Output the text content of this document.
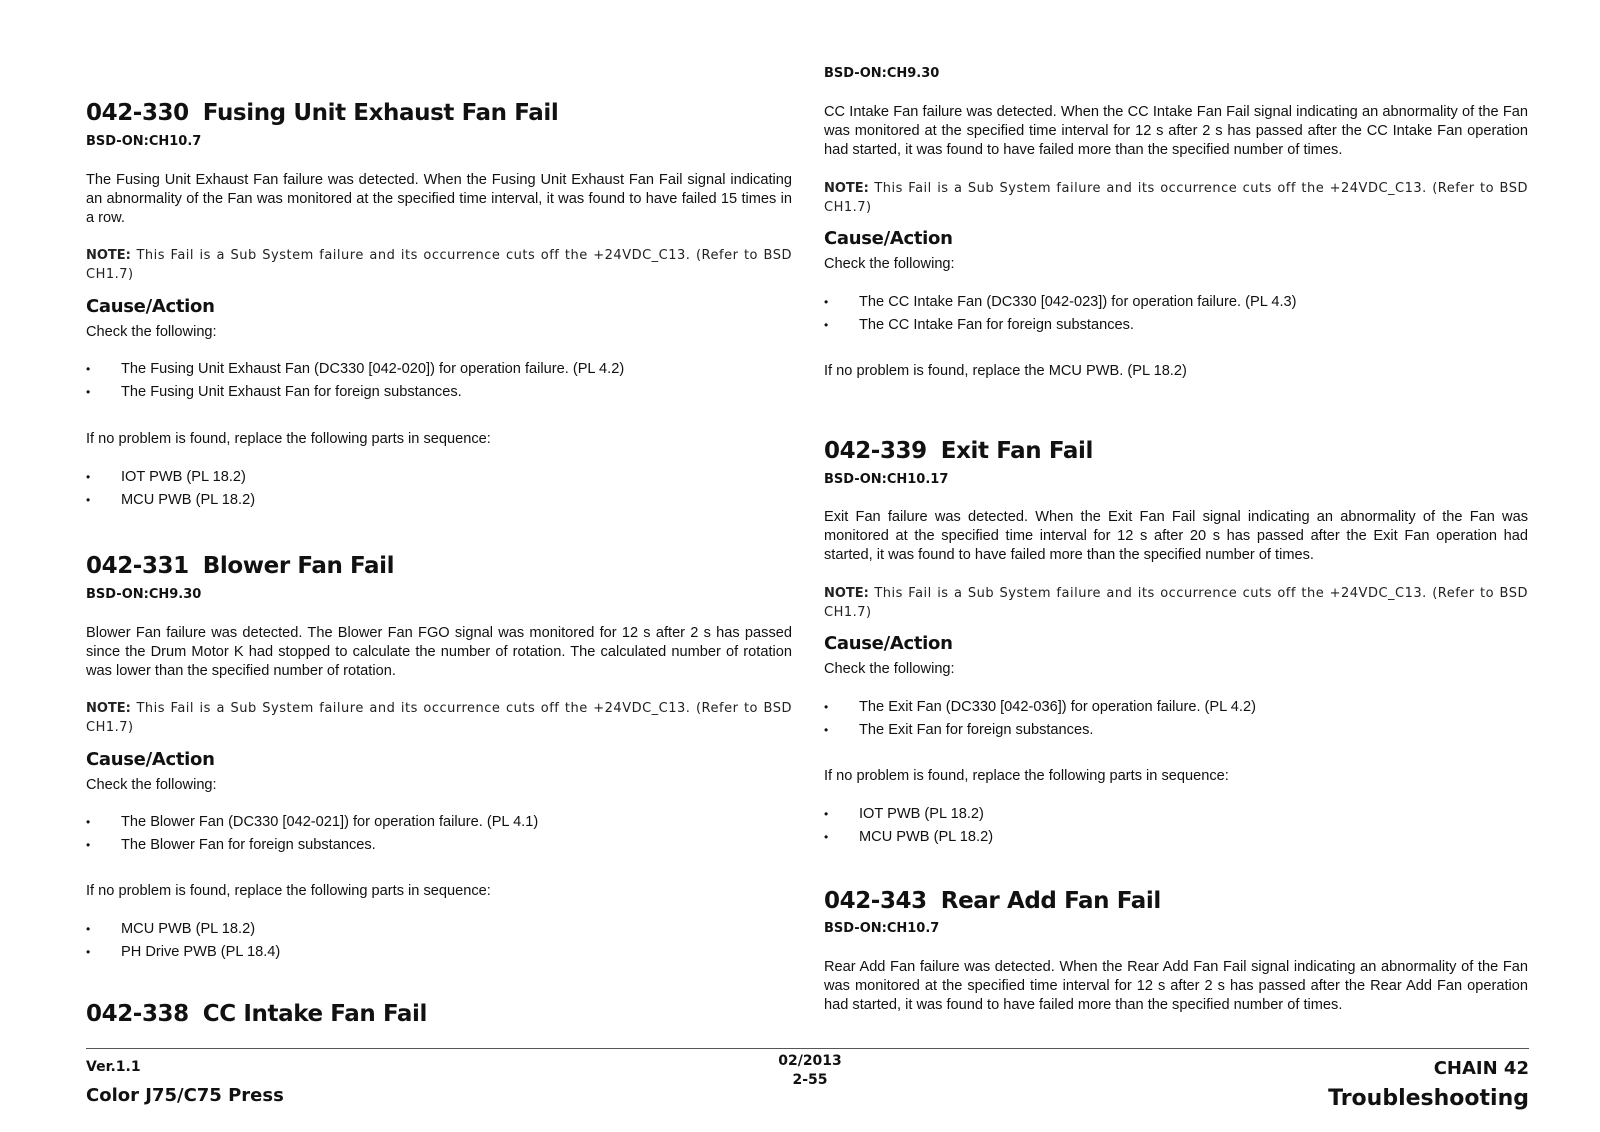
042-330 Fusing Unit Exhaust Fan Fail
BSD-ON:CH10.7

The Fusing Unit Exhaust Fan failure was detected. When the Fusing Unit Exhaust Fan Fail signal indicating an abnormality of the Fan was monitored at the specified time interval, it was found to have failed 15 times in a row.

NOTE: This Fail is a Sub System failure and its occurrence cuts off the +24VDC_C13. (Refer to BSD CH1.7)

Cause/Action

Check the following:

• The Fusing Unit Exhaust Fan (DC330 [042-020]) for operation failure. (PL 4.2)
• The Fusing Unit Exhaust Fan for foreign substances.

If no problem is found, replace the following parts in sequence:

• IOT PWB (PL 18.2)
• MCU PWB (PL 18.2)
042-331 Blower Fan Fail
BSD-ON:CH9.30

Blower Fan failure was detected. The Blower Fan FGO signal was monitored for 12 s after 2 s has passed since the Drum Motor K had stopped to calculate the number of rotation. The calculated number of rotation was lower than the specified number of rotation.

NOTE: This Fail is a Sub System failure and its occurrence cuts off the +24VDC_C13. (Refer to BSD CH1.7)

Cause/Action

Check the following:

• The Blower Fan (DC330 [042-021]) for operation failure. (PL 4.1)
• The Blower Fan for foreign substances.

If no problem is found, replace the following parts in sequence:

• MCU PWB (PL 18.2)
• PH Drive PWB (PL 18.4)
042-338 CC Intake Fan Fail
BSD-ON:CH9.30

CC Intake Fan failure was detected. When the CC Intake Fan Fail signal indicating an abnormality of the Fan was monitored at the specified time interval for 12 s after 2 s has passed after the CC Intake Fan operation had started, it was found to have failed more than the specified number of times.

NOTE: This Fail is a Sub System failure and its occurrence cuts off the +24VDC_C13. (Refer to BSD CH1.7)

Cause/Action

Check the following:

• The CC Intake Fan (DC330 [042-023]) for operation failure. (PL 4.3)
• The CC Intake Fan for foreign substances.

If no problem is found, replace the MCU PWB. (PL 18.2)

042-339 Exit Fan Fail
BSD-ON:CH10.17

Exit Fan failure was detected. When the Exit Fan Fail signal indicating an abnormality of the Fan was monitored at the specified time interval for 12 s after 20 s has passed after the Exit Fan operation had started, it was found to have failed more than the specified number of times.

NOTE: This Fail is a Sub System failure and its occurrence cuts off the +24VDC_C13. (Refer to BSD CH1.7)

Cause/Action

Check the following:

• The Exit Fan (DC330 [042-036]) for operation failure. (PL 4.2)
• The Exit Fan for foreign substances.

If no problem is found, replace the following parts in sequence:

• IOT PWB (PL 18.2)
• MCU PWB (PL 18.2)
042-343 Rear Add Fan Fail
BSD-ON:CH10.7

Rear Add Fan failure was detected. When the Rear Add Fan Fail signal indicating an abnormality of the Fan was monitored at the specified time interval for 12 s after 2 s has passed after the Rear Add Fan operation had started, it was found to have failed more than the specified number of times.

Ver.1.1
Color J75/C75 Press
02/2013
2-55
CHAIN 42
Troubleshooting
